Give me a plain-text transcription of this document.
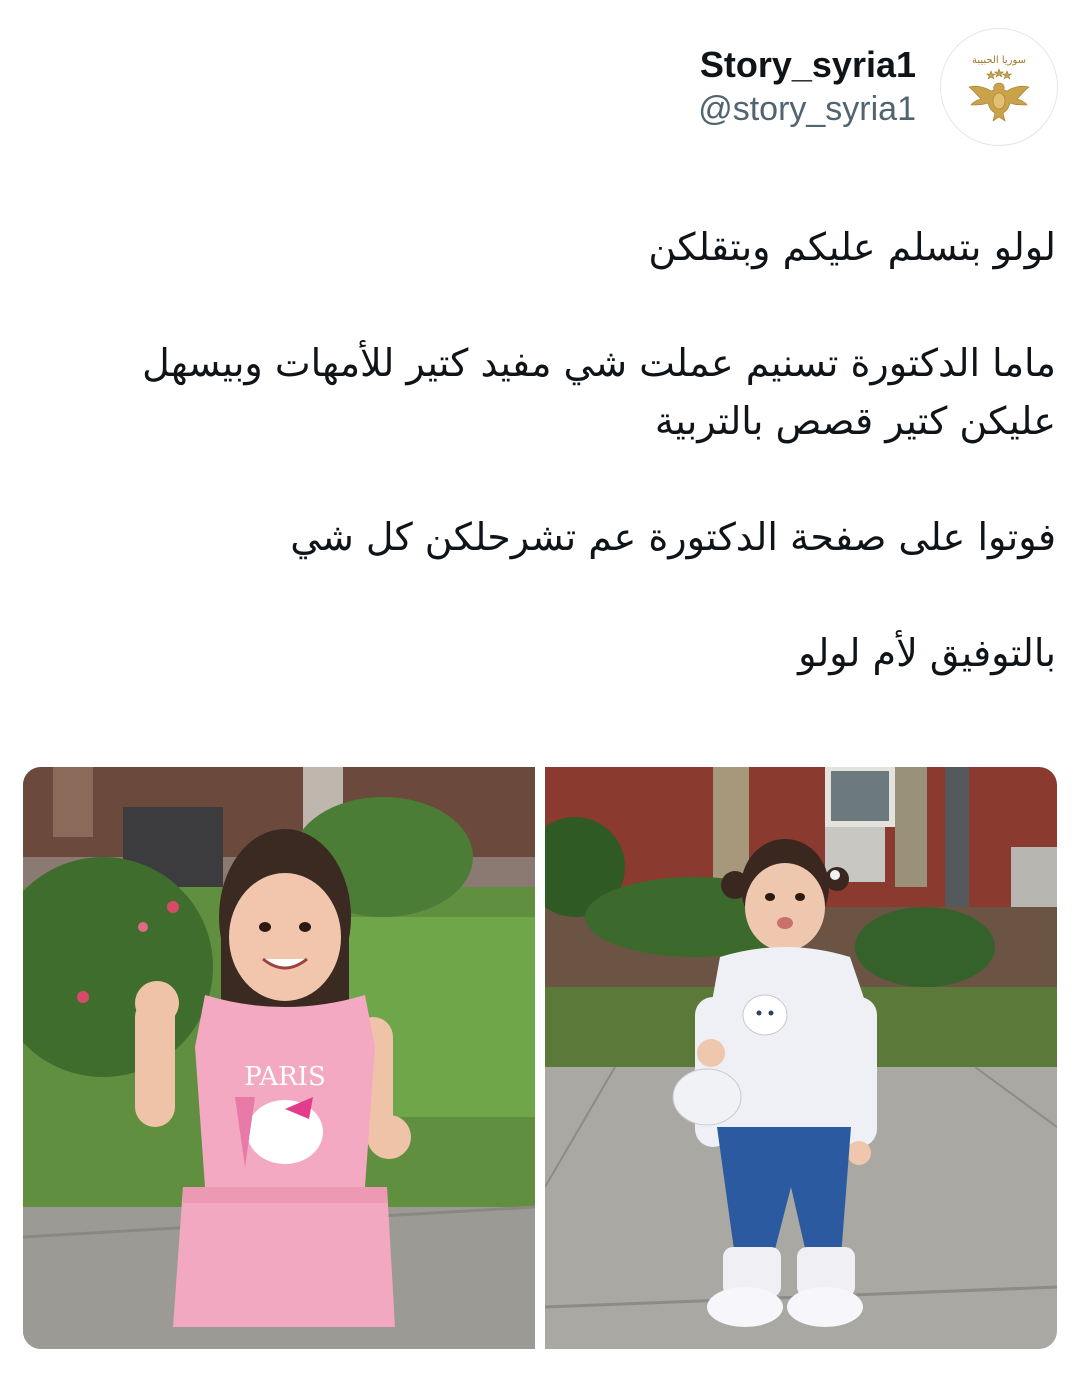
سوريا الحبيبة
Story_syria1
@story_syria1

لولو بتسلم عليكم وبتقلكن

ماما الدكتورة تسنيم عملت شي مفيد كتير للأمهات وبيسهل عليكن كتير قصص بالتربية

فوتوا على صفحة الدكتورة عم تشرحلكن كل شي

بالتوفيق لأم لولو

PARIS
